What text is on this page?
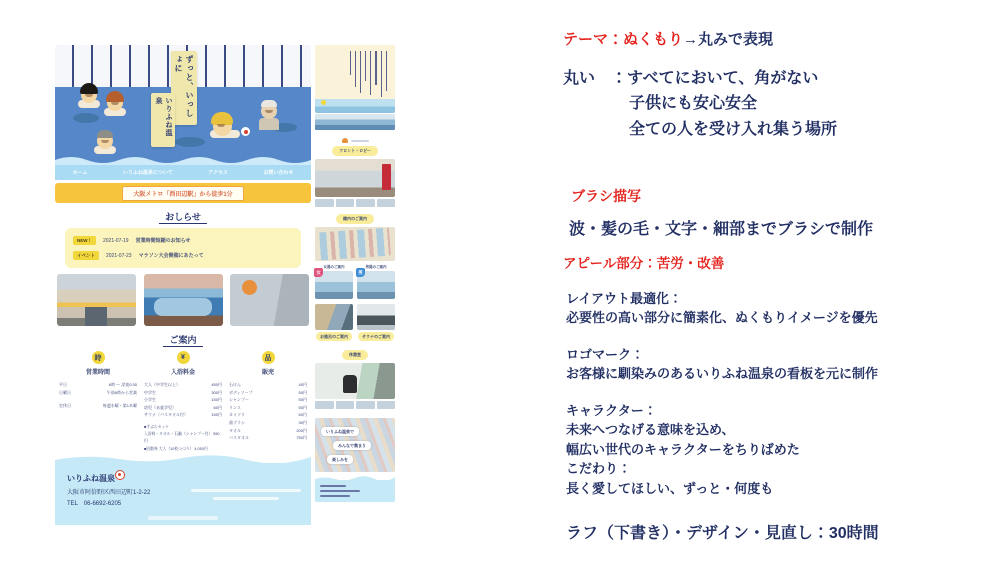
ずっと、いっしょに
いりふね温泉
ホーム	いりふね温泉について	アクセス	お問い合わせ
大阪メトロ「西田辺駅」から徒歩1分
おしらせ
NEW！	2021-07-19 営業時間短縮のお知らせ
イベント	2021-07-23 マラソン大会開催にあたって
ご案内
時
営業時間
平日	6時 〜 深夜0:30
日曜日	午前6時から営業
定休日	毎週水曜・第1木曜
¥
入浴料金
大人（中学生以上）	450円
中学生	300円
小学生	150円
幼児（未就学児）	60円
サウナ（バスタオル付）	150円
■手ぶらセット
入浴料・タオル・石鹸（シャンプー付） 550円
■回数券 大人（10枚つづり） 4,050円
品
販売
石けん	40円
ボディソープ	50円
シャンプー	50円
リンス	50円
カミソリ	60円
歯ブラシ	30円
タオル	200円
バスタオル	750円
いりふね温泉
大阪市阿倍野区西田辺町1-2-22
TEL　06-6692-6205
フロント・ロビー
館内のご案内
女湯のご案内
女
男湯のご案内
男
お風呂のご案内	サウナのご案内
休憩室
いりふね温泉で
みんなで集まり
楽しみを
テーマ：ぬくもり→丸みで表現
丸い　：すべてにおいて、角がない
子供にも安心安全
全ての人を受け入れ集う場所
ブラシ描写
波・髪の毛・文字・細部までブラシで制作
アピール部分：苦労・改善
レイアウト最適化：
必要性の高い部分に簡素化、ぬくもりイメージを優先
ロゴマーク：
お客様に馴染みのあるいりふね温泉の看板を元に制作
キャラクター：
未来へつなげる意味を込め、
幅広い世代のキャラクターをちりばめた
こだわり：
長く愛してほしい、ずっと・何度も
ラフ（下書き）・デザイン・見直し：30時間
